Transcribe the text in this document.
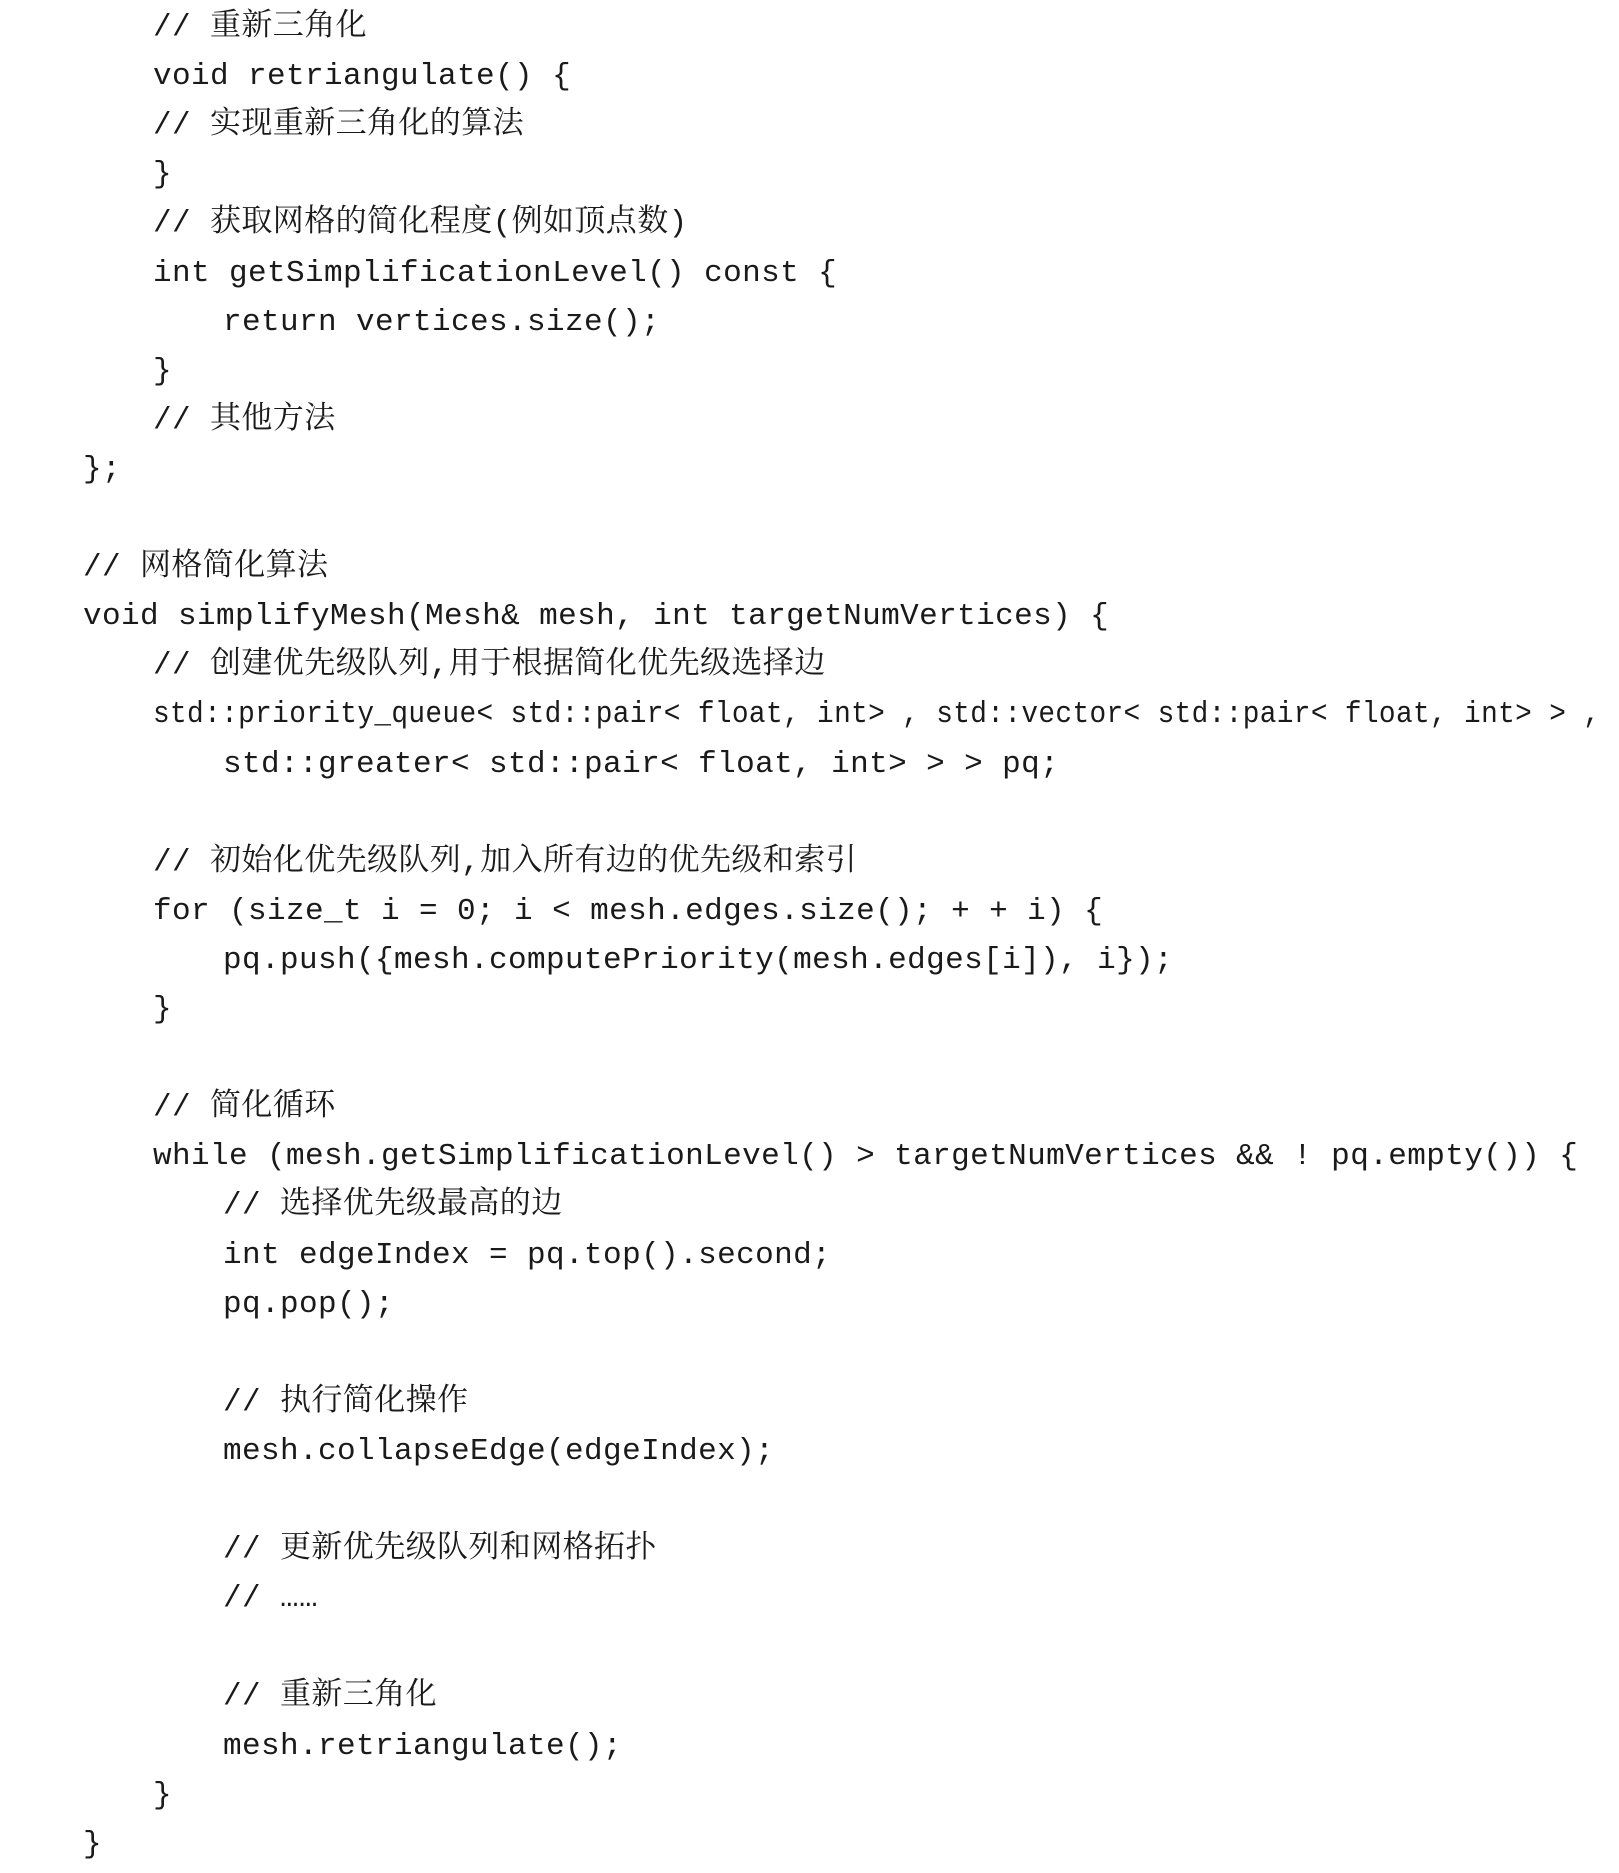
// 重新三角化
void retriangulate() {
// 实现重新三角化的算法
}
// 获取网格的简化程度(例如顶点数)
int getSimplificationLevel() const {
return vertices.size();
}
// 其他方法
};
// 网格简化算法
void simplifyMesh(Mesh& mesh, int targetNumVertices) {
// 创建优先级队列,用于根据简化优先级选择边
std::priority_queue< std::pair< float, int> , std::vector< std::pair< float, int> > ,
std::greater< std::pair< float, int> > > pq;
// 初始化优先级队列,加入所有边的优先级和索引
for (size_t i = 0; i < mesh.edges.size(); + + i) {
pq.push({mesh.computePriority(mesh.edges[i]), i});
}
// 简化循环
while (mesh.getSimplificationLevel() > targetNumVertices && ! pq.empty()) {
// 选择优先级最高的边
int edgeIndex = pq.top().second;
pq.pop();
// 执行简化操作
mesh.collapseEdge(edgeIndex);
// 更新优先级队列和网格拓扑
// ……
// 重新三角化
mesh.retriangulate();
}
}
